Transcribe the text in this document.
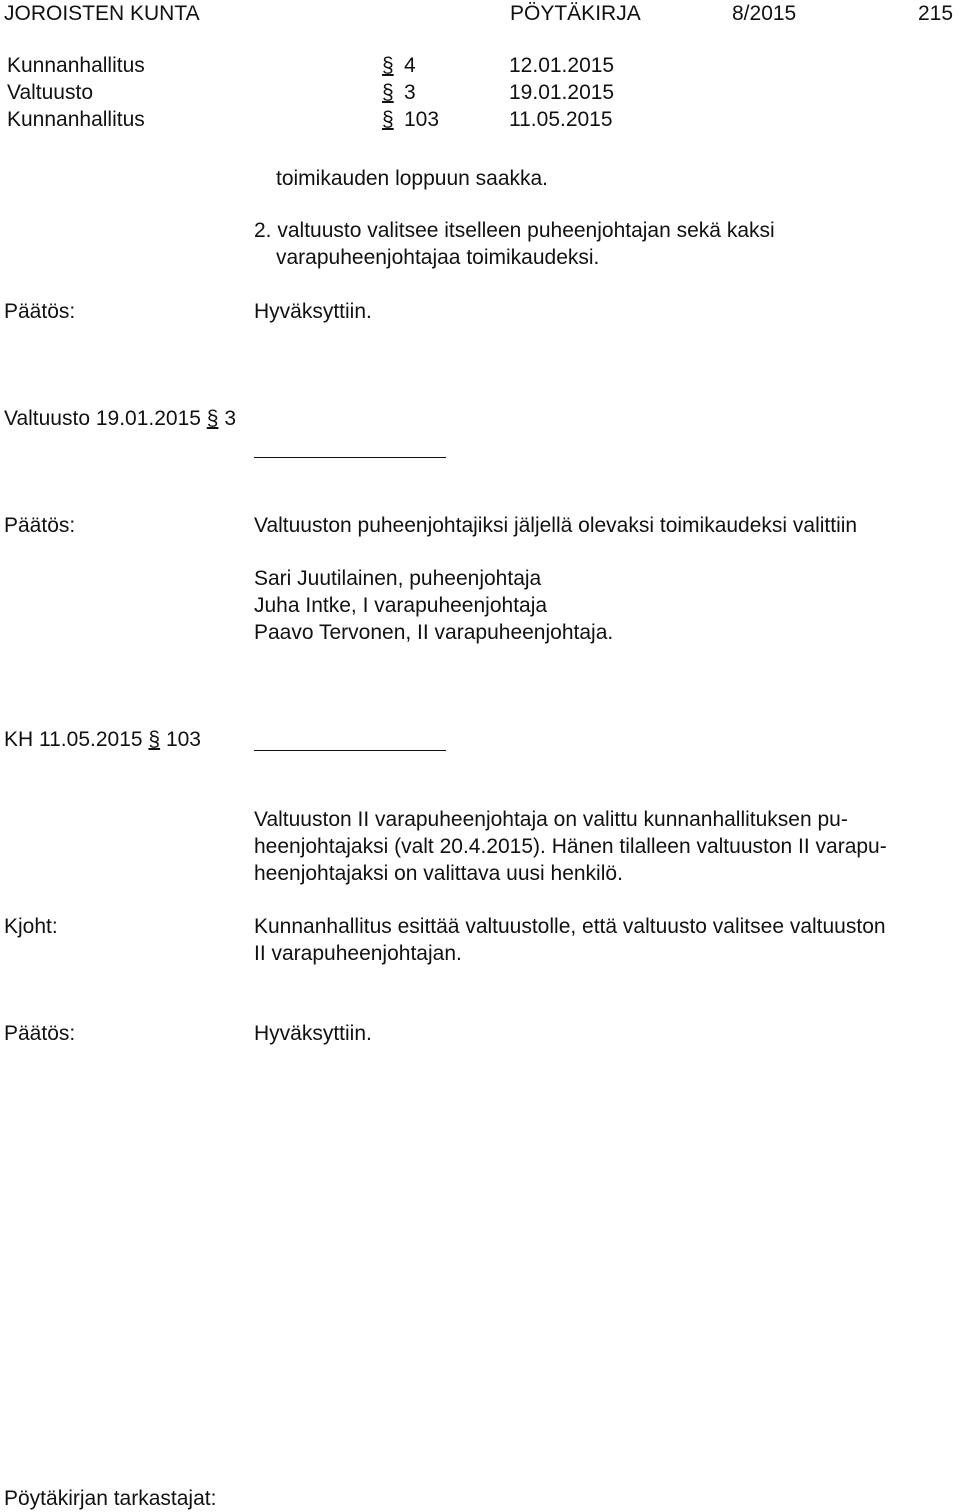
JOROISTEN KUNTA	PÖYTÄKIRJA	8/2015	215
Kunnanhallitus	§ 4	12.01.2015
Valtuusto	§ 3	19.01.2015
Kunnanhallitus	§ 103	11.05.2015
toimikauden loppuun saakka.
2. valtuusto valitsee itselleen puheenjohtajan sekä kaksi
varapuheenjohtajaa toimikaudeksi.
Päätös:	Hyväksyttiin.
Valtuusto 19.01.2015 § 3
Päätös:	Valtuuston puheenjohtajiksi jäljellä olevaksi toimikaudeksi valittiin
Sari Juutilainen, puheenjohtaja
Juha Intke, I varapuheenjohtaja
Paavo Tervonen, II varapuheenjohtaja.
KH 11.05.2015 § 103
Valtuuston II varapuheenjohtaja on valittu kunnanhallituksen pu-
heenjohtajaksi (valt 20.4.2015). Hänen tilalleen valtuuston II varapu-
heenjohtajaksi on valittava uusi henkilö.
Kjoht:	Kunnanhallitus esittää valtuustolle, että valtuusto valitsee valtuuston
II varapuheenjohtajan.
Päätös:	Hyväksyttiin.
Pöytäkirjan tarkastajat:
